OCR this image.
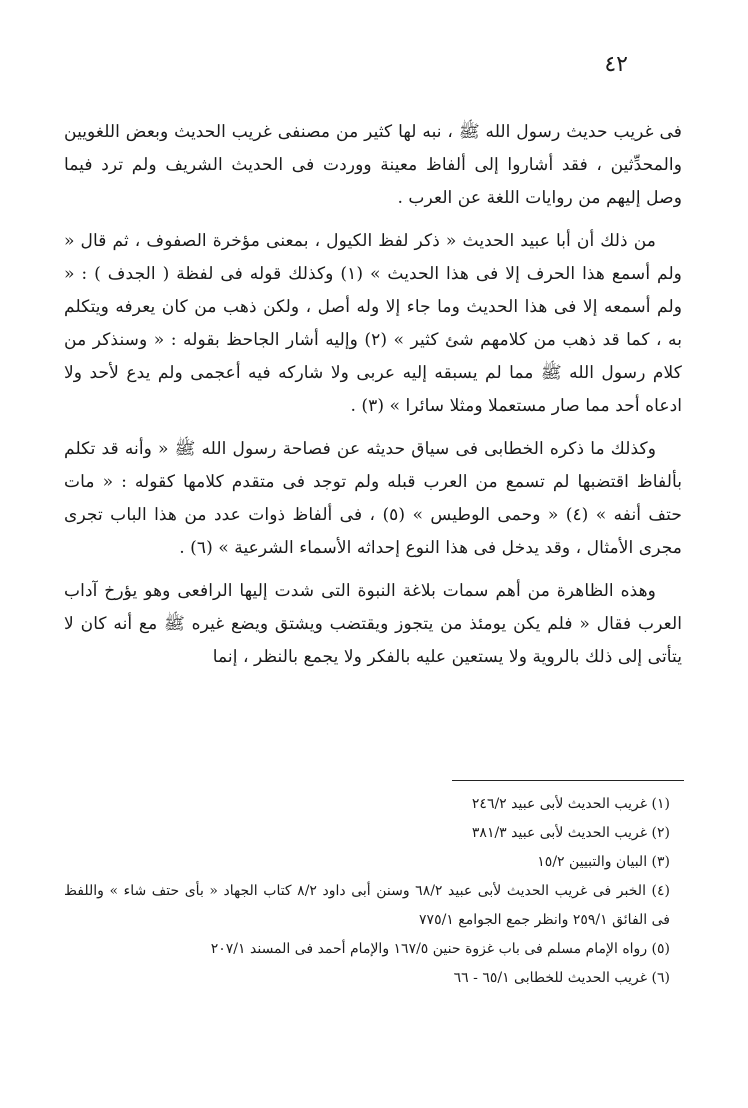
٤٢

فى غريب حديث رسول الله ﷺ ، نبه لها كثير من مصنفى غريب الحديث وبعض اللغويين والمحدِّثين ، فقد أشاروا إلى ألفاظ معينة ووردت فى الحديث الشريف ولم ترد فيما وصل إليهم من روايات اللغة عن العرب .

من ذلك أن أبا عبيد الحديث « ذكر لفظ الكيول ، بمعنى مؤخرة الصفوف ، ثم قال « ولم أسمع هذا الحرف إلا فى هذا الحديث » (١) وكذلك قوله فى لفظة ( الجدف ) : « ولم أسمعه إلا فى هذا الحديث وما جاء إلا وله أصل ، ولكن ذهب من كان يعرفه ويتكلم به ، كما قد ذهب من كلامهم شئ كثير » (٢) وإليه أشار الجاحظ بقوله : « وسنذكر من كلام رسول الله ﷺ مما لم يسبقه إليه عربى ولا شاركه فيه أعجمى ولم يدع لأحد ولا ادعاه أحد مما صار مستعملا ومثلا سائرا » (٣) .

وكذلك ما ذكره الخطابى فى سياق حديثه عن فصاحة رسول الله ﷺ « وأنه قد تكلم بألفاظ اقتضبها لم تسمع من العرب قبله ولم توجد فى متقدم كلامها كقوله : « مات حتف أنفه » (٤) « وحمى الوطيس » (٥) ، فى ألفاظ ذوات عدد من هذا الباب تجرى مجرى الأمثال ، وقد يدخل فى هذا النوع إحداثه الأسماء الشرعية » (٦) .

وهذه الظاهرة من أهم سمات بلاغة النبوة التى شدت إليها الرافعى وهو يؤرخ آداب العرب فقال « فلم يكن يومئذ من يتجوز ويقتضب ويشتق ويضع غيره ﷺ مع أنه كان لا يتأتى إلى ذلك بالروية ولا يستعين عليه بالفكر ولا يجمع بالنظر ، إنما

(١) غريب الحديث لأبى عبيد ٢٤٦/٢

(٢) غريب الحديث لأبى عبيد ٣٨١/٣

(٣) البيان والتبيين ١٥/٢

(٤) الخبر فى غريب الحديث لأبى عبيد ٦٨/٢ وسنن أبى داود ٨/٢ كتاب الجهاد « بأى حتف شاء » واللفظ فى الفائق ٢٥٩/١ وانظر جمع الجوامع ٧٧٥/١

(٥) رواه الإمام مسلم فى باب غزوة حنين ١٦٧/٥ والإمام أحمد فى المسند ٢٠٧/١

(٦) غريب الحديث للخطابى ٦٥/١ - ٦٦
